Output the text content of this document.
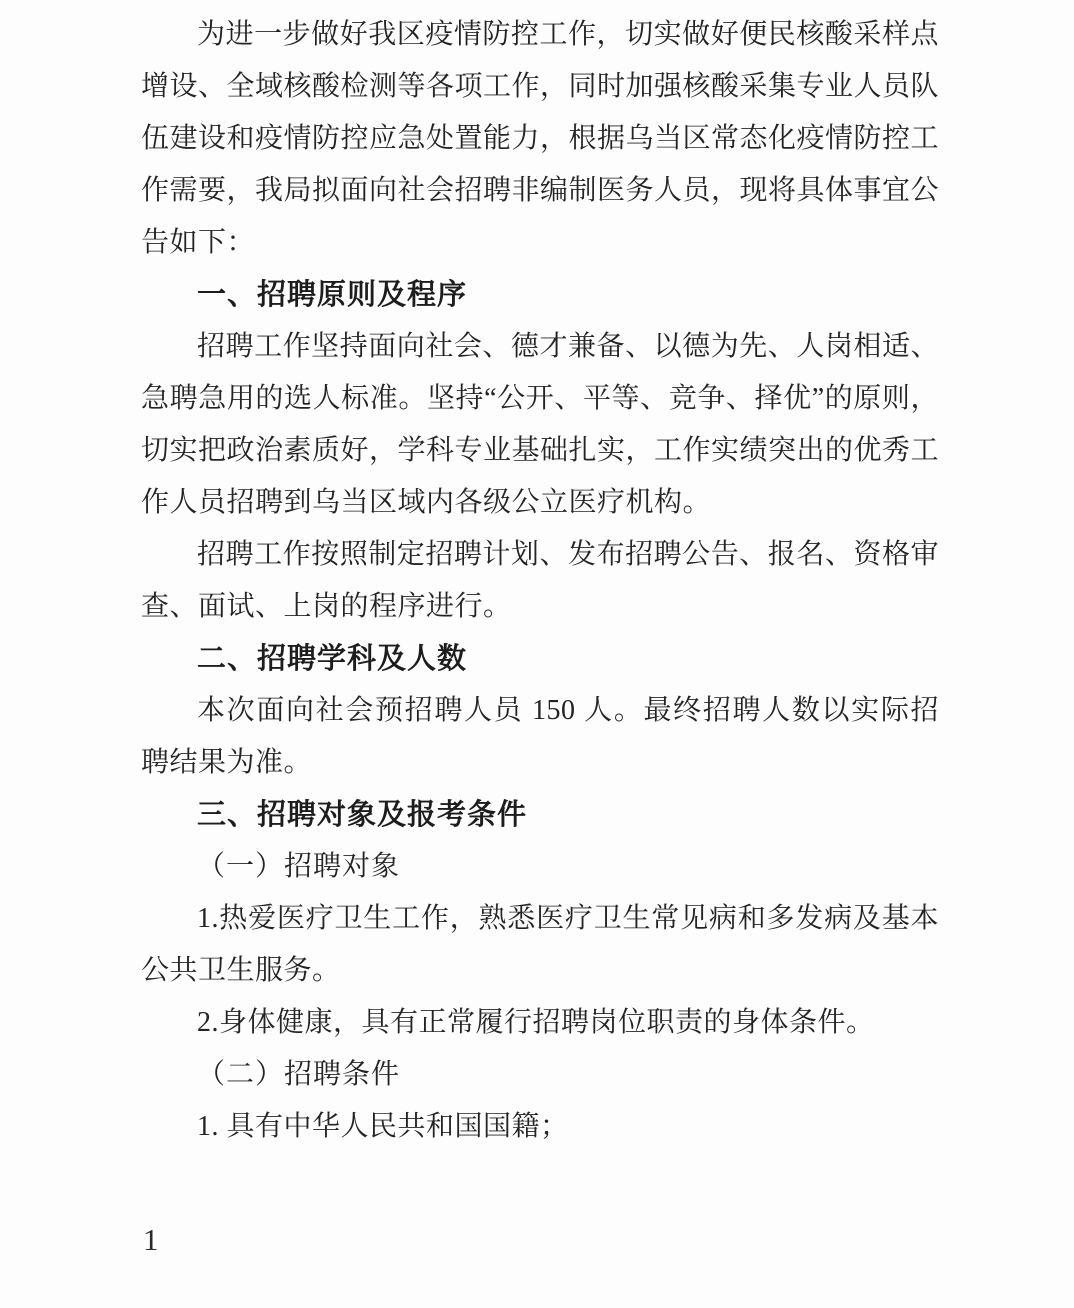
为进一步做好我区疫情防控工作，切实做好便民核酸采样点增设、全域核酸检测等各项工作，同时加强核酸采集专业人员队伍建设和疫情防控应急处置能力，根据乌当区常态化疫情防控工作需要，我局拟面向社会招聘非编制医务人员，现将具体事宜公告如下：

一、招聘原则及程序

招聘工作坚持面向社会、德才兼备、以德为先、人岗相适、急聘急用的选人标准。坚持“公开、平等、竞争、择优”的原则，切实把政治素质好，学科专业基础扎实，工作实绩突出的优秀工作人员招聘到乌当区域内各级公立医疗机构。

招聘工作按照制定招聘计划、发布招聘公告、报名、资格审查、面试、上岗的程序进行。

二、招聘学科及人数

本次面向社会预招聘人员 150 人。最终招聘人数以实际招聘结果为准。

三、招聘对象及报考条件

（一）招聘对象

1.热爱医疗卫生工作，熟悉医疗卫生常见病和多发病及基本公共卫生服务。

2.身体健康，具有正常履行招聘岗位职责的身体条件。

（二）招聘条件

1. 具有中华人民共和国国籍；

1
